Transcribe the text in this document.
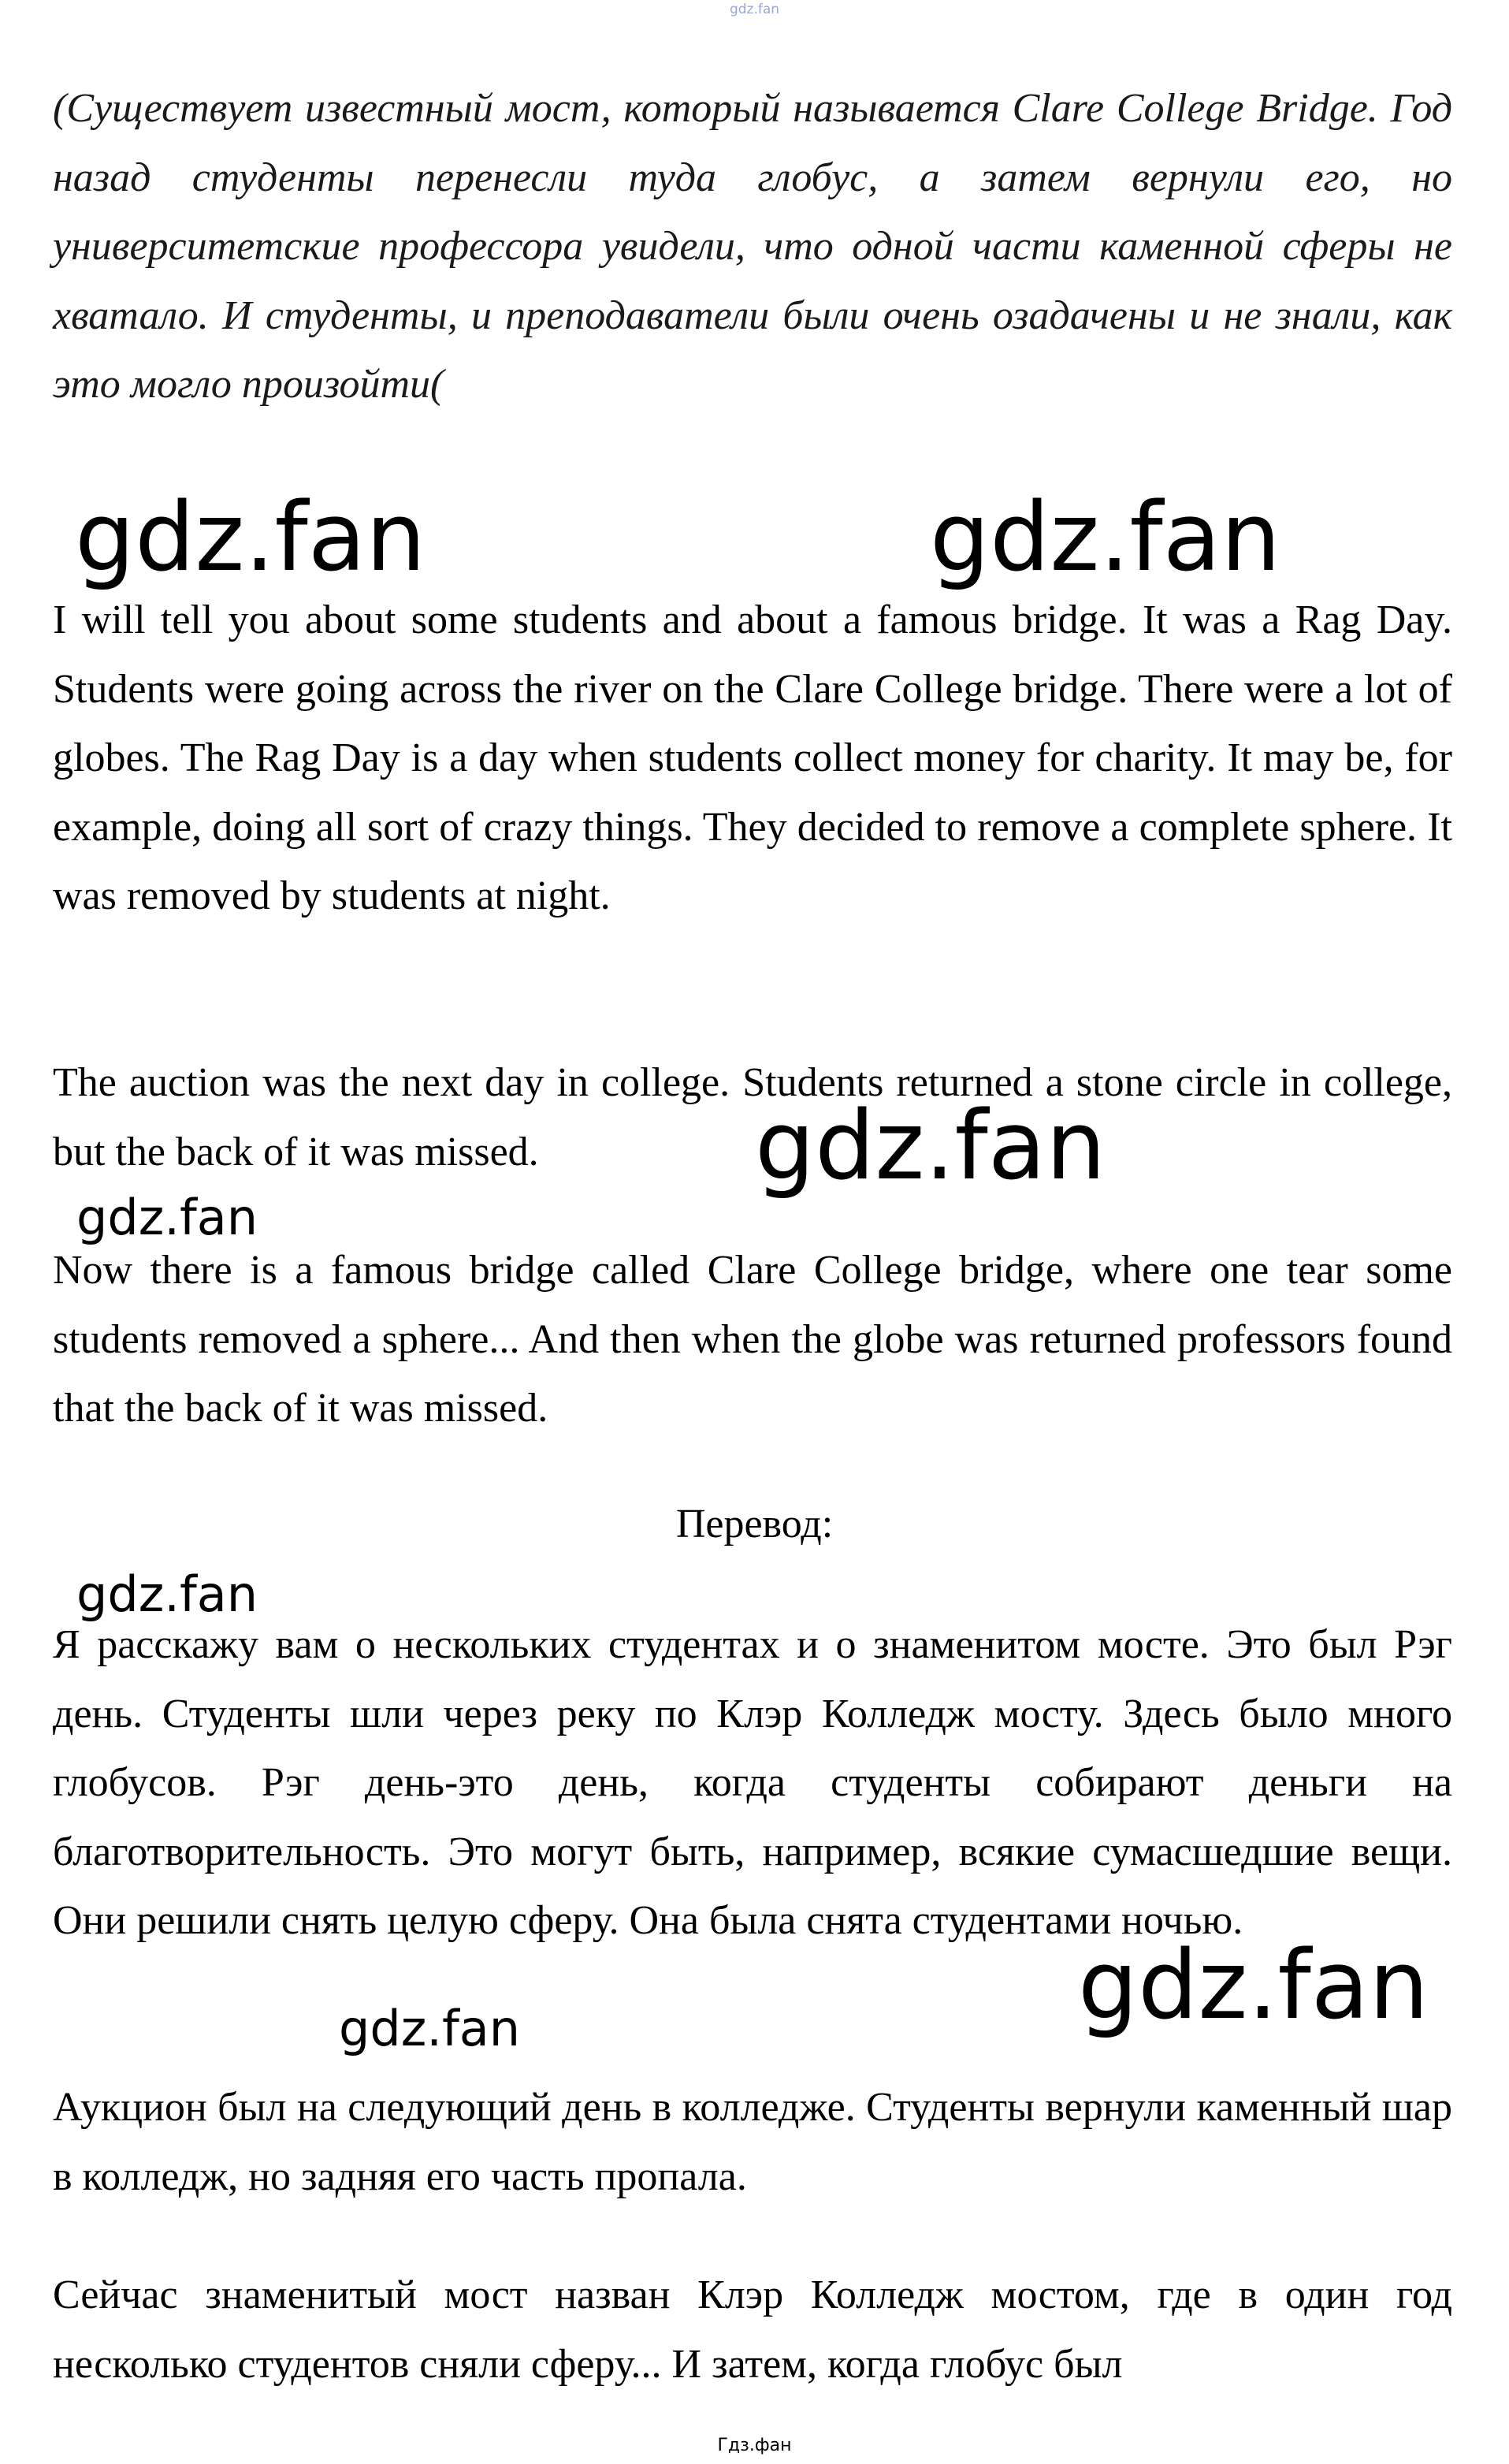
gdz.fan

(Существует известный мост, который называется Clare College Bridge. Год назад студенты перенесли туда глобус, а затем вернули его, но университетские профессора увидели, что одной части каменной сферы не хватало. И студенты, и преподаватели были очень озадачены и не знали, как это могло произойти(

gdz.fan	gdz.fan

I will tell you about some students and about a famous bridge. It was a Rag Day. Students were going across the river on the Clare College bridge. There were a lot of globes. The Rag Day is a day when students collect money for charity. It may be, for example, doing all sort of crazy things. They decided to remove a complete sphere. It was removed by students at night.

The auction was the next day in college. Students returned a stone circle in college, but the back of it was missed.	gdz.fan
gdz.fan

Now there is a famous bridge called Clare College bridge, where one tear some students removed a sphere... And then when the globe was returned professors found that the back of it was missed.

Перевод:
gdz.fan

Я расскажу вам о нескольких студентах и о знаменитом мосте. Это был Рэг день. Студенты шли через реку по Клэр Колледж мосту. Здесь было много глобусов. Рэг день-это день, когда студенты собирают деньги на благотворительность. Это могут быть, например, всякие сумасшедшие вещи. Они решили снять целую сферу. Она была снята студентами ночью.

gdz.fan
gdz.fan

Аукцион был на следующий день в колледже. Студенты вернули каменный шар в колледж, но задняя его часть пропала.

Сейчас знаменитый мост назван Клэр Колледж мостом, где в один год несколько студентов сняли сферу... И затем, когда глобус был

Гдз.фан
